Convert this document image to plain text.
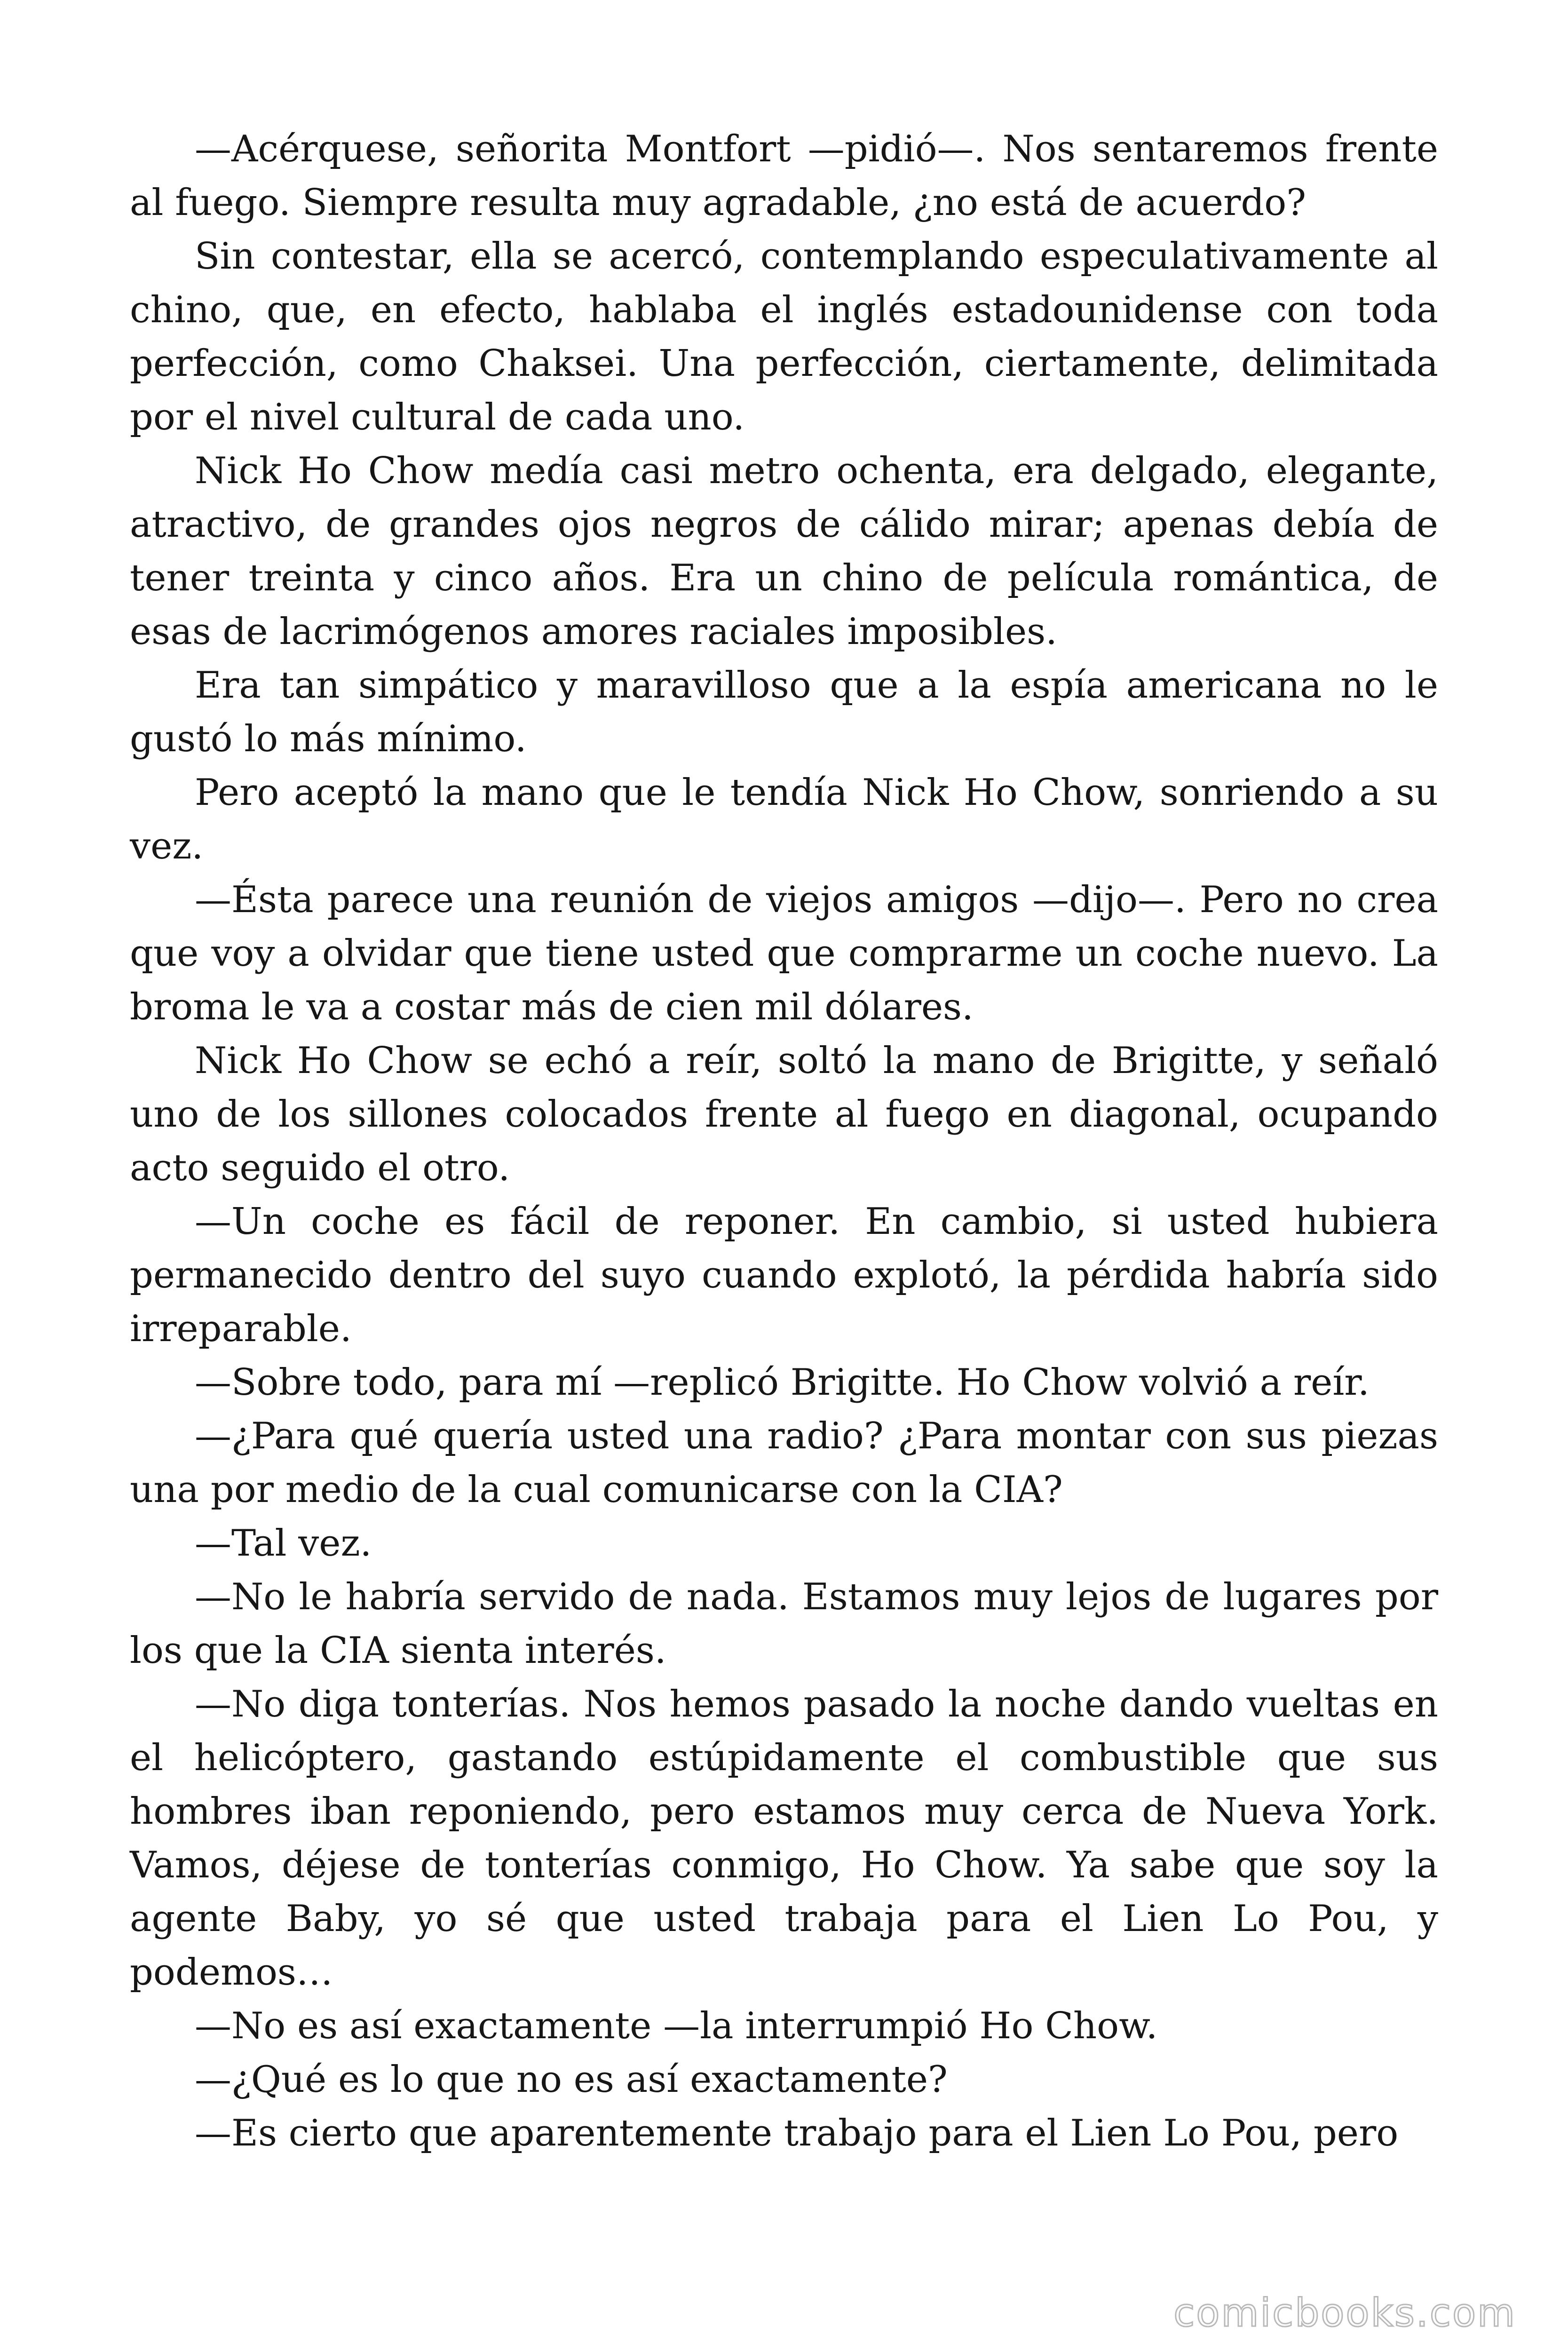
—Acérquese, señorita Montfort —pidió—. Nos sentaremos frente al fuego. Siempre resulta muy agradable, ¿no está de acuerdo?

Sin contestar, ella se acercó, contemplando especulativamente al chino, que, en efecto, hablaba el inglés estadounidense con toda perfección, como Chaksei. Una perfección, ciertamente, delimitada por el nivel cultural de cada uno.

Nick Ho Chow medía casi metro ochenta, era delgado, elegante, atractivo, de grandes ojos negros de cálido mirar; apenas debía de tener treinta y cinco años. Era un chino de película romántica, de esas de lacrimógenos amores raciales imposibles.

Era tan simpático y maravilloso que a la espía americana no le gustó lo más mínimo.

Pero aceptó la mano que le tendía Nick Ho Chow, sonriendo a su vez.

—Ésta parece una reunión de viejos amigos —dijo—. Pero no crea que voy a olvidar que tiene usted que comprarme un coche nuevo. La broma le va a costar más de cien mil dólares.

Nick Ho Chow se echó a reír, soltó la mano de Brigitte, y señaló uno de los sillones colocados frente al fuego en diagonal, ocupando acto seguido el otro.

—Un coche es fácil de reponer. En cambio, si usted hubiera permanecido dentro del suyo cuando explotó, la pérdida habría sido irreparable.

—Sobre todo, para mí —replicó Brigitte. Ho Chow volvió a reír.

—¿Para qué quería usted una radio? ¿Para montar con sus piezas una por medio de la cual comunicarse con la CIA?

—Tal vez.

—No le habría servido de nada. Estamos muy lejos de lugares por los que la CIA sienta interés.

—No diga tonterías. Nos hemos pasado la noche dando vueltas en el helicóptero, gastando estúpidamente el combustible que sus hombres iban reponiendo, pero estamos muy cerca de Nueva York. Vamos, déjese de tonterías conmigo, Ho Chow. Ya sabe que soy la agente Baby, yo sé que usted trabaja para el Lien Lo Pou, y podemos…

—No es así exactamente —la interrumpió Ho Chow.

—¿Qué es lo que no es así exactamente?

—Es cierto que aparentemente trabajo para el Lien Lo Pou, pero

comicbooks.com
